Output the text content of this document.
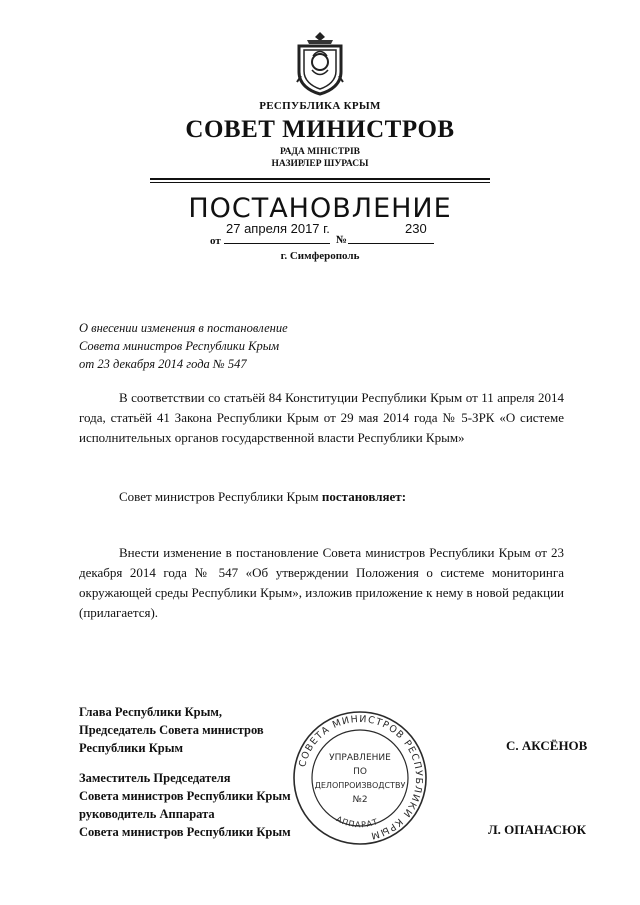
РЕСПУБЛИКА КРЫМ
СОВЕТ МИНИСТРОВ
РАДА МІНІСТРІВ
НАЗИРЛЕР ШУРАСЫ
ПОСТАНОВЛЕНИЕ
от
27 апреля 2017 г.
№
230
г. Симферополь
О внесении изменения в постановление
Совета министров Республики Крым
от 23 декабря 2014 года № 547
В соответствии со статьёй 84 Конституции Республики Крым от 11 апреля 2014 года, статьёй 41 Закона Республики Крым от 29 мая 2014 года № 5-ЗРК «О системе исполнительных органов государственной власти Республики Крым»
Совет министров Республики Крым постановляет:
Внести изменение в постановление Совета министров Республики Крым от 23 декабря 2014 года № 547 «Об утверждении Положения о системе мониторинга окружающей среды Республики Крым», изложив приложение к нему в новой редакции (прилагается).
Глава Республики Крым,
Председатель Совета министров
Республики Крым
Заместитель Председателя
Совета министров Республики Крым
руководитель Аппарата
Совета министров Республики Крым
С. АКСЁНОВ
Л. ОПАНАСЮК
СОВЕТА МИНИСТРОВ РЕСПУБЛИКИ КРЫМ
АППАРАТ
УПРАВЛЕНИЕ
ПО
ДЕЛОПРОИЗВОДСТВУ
№2
